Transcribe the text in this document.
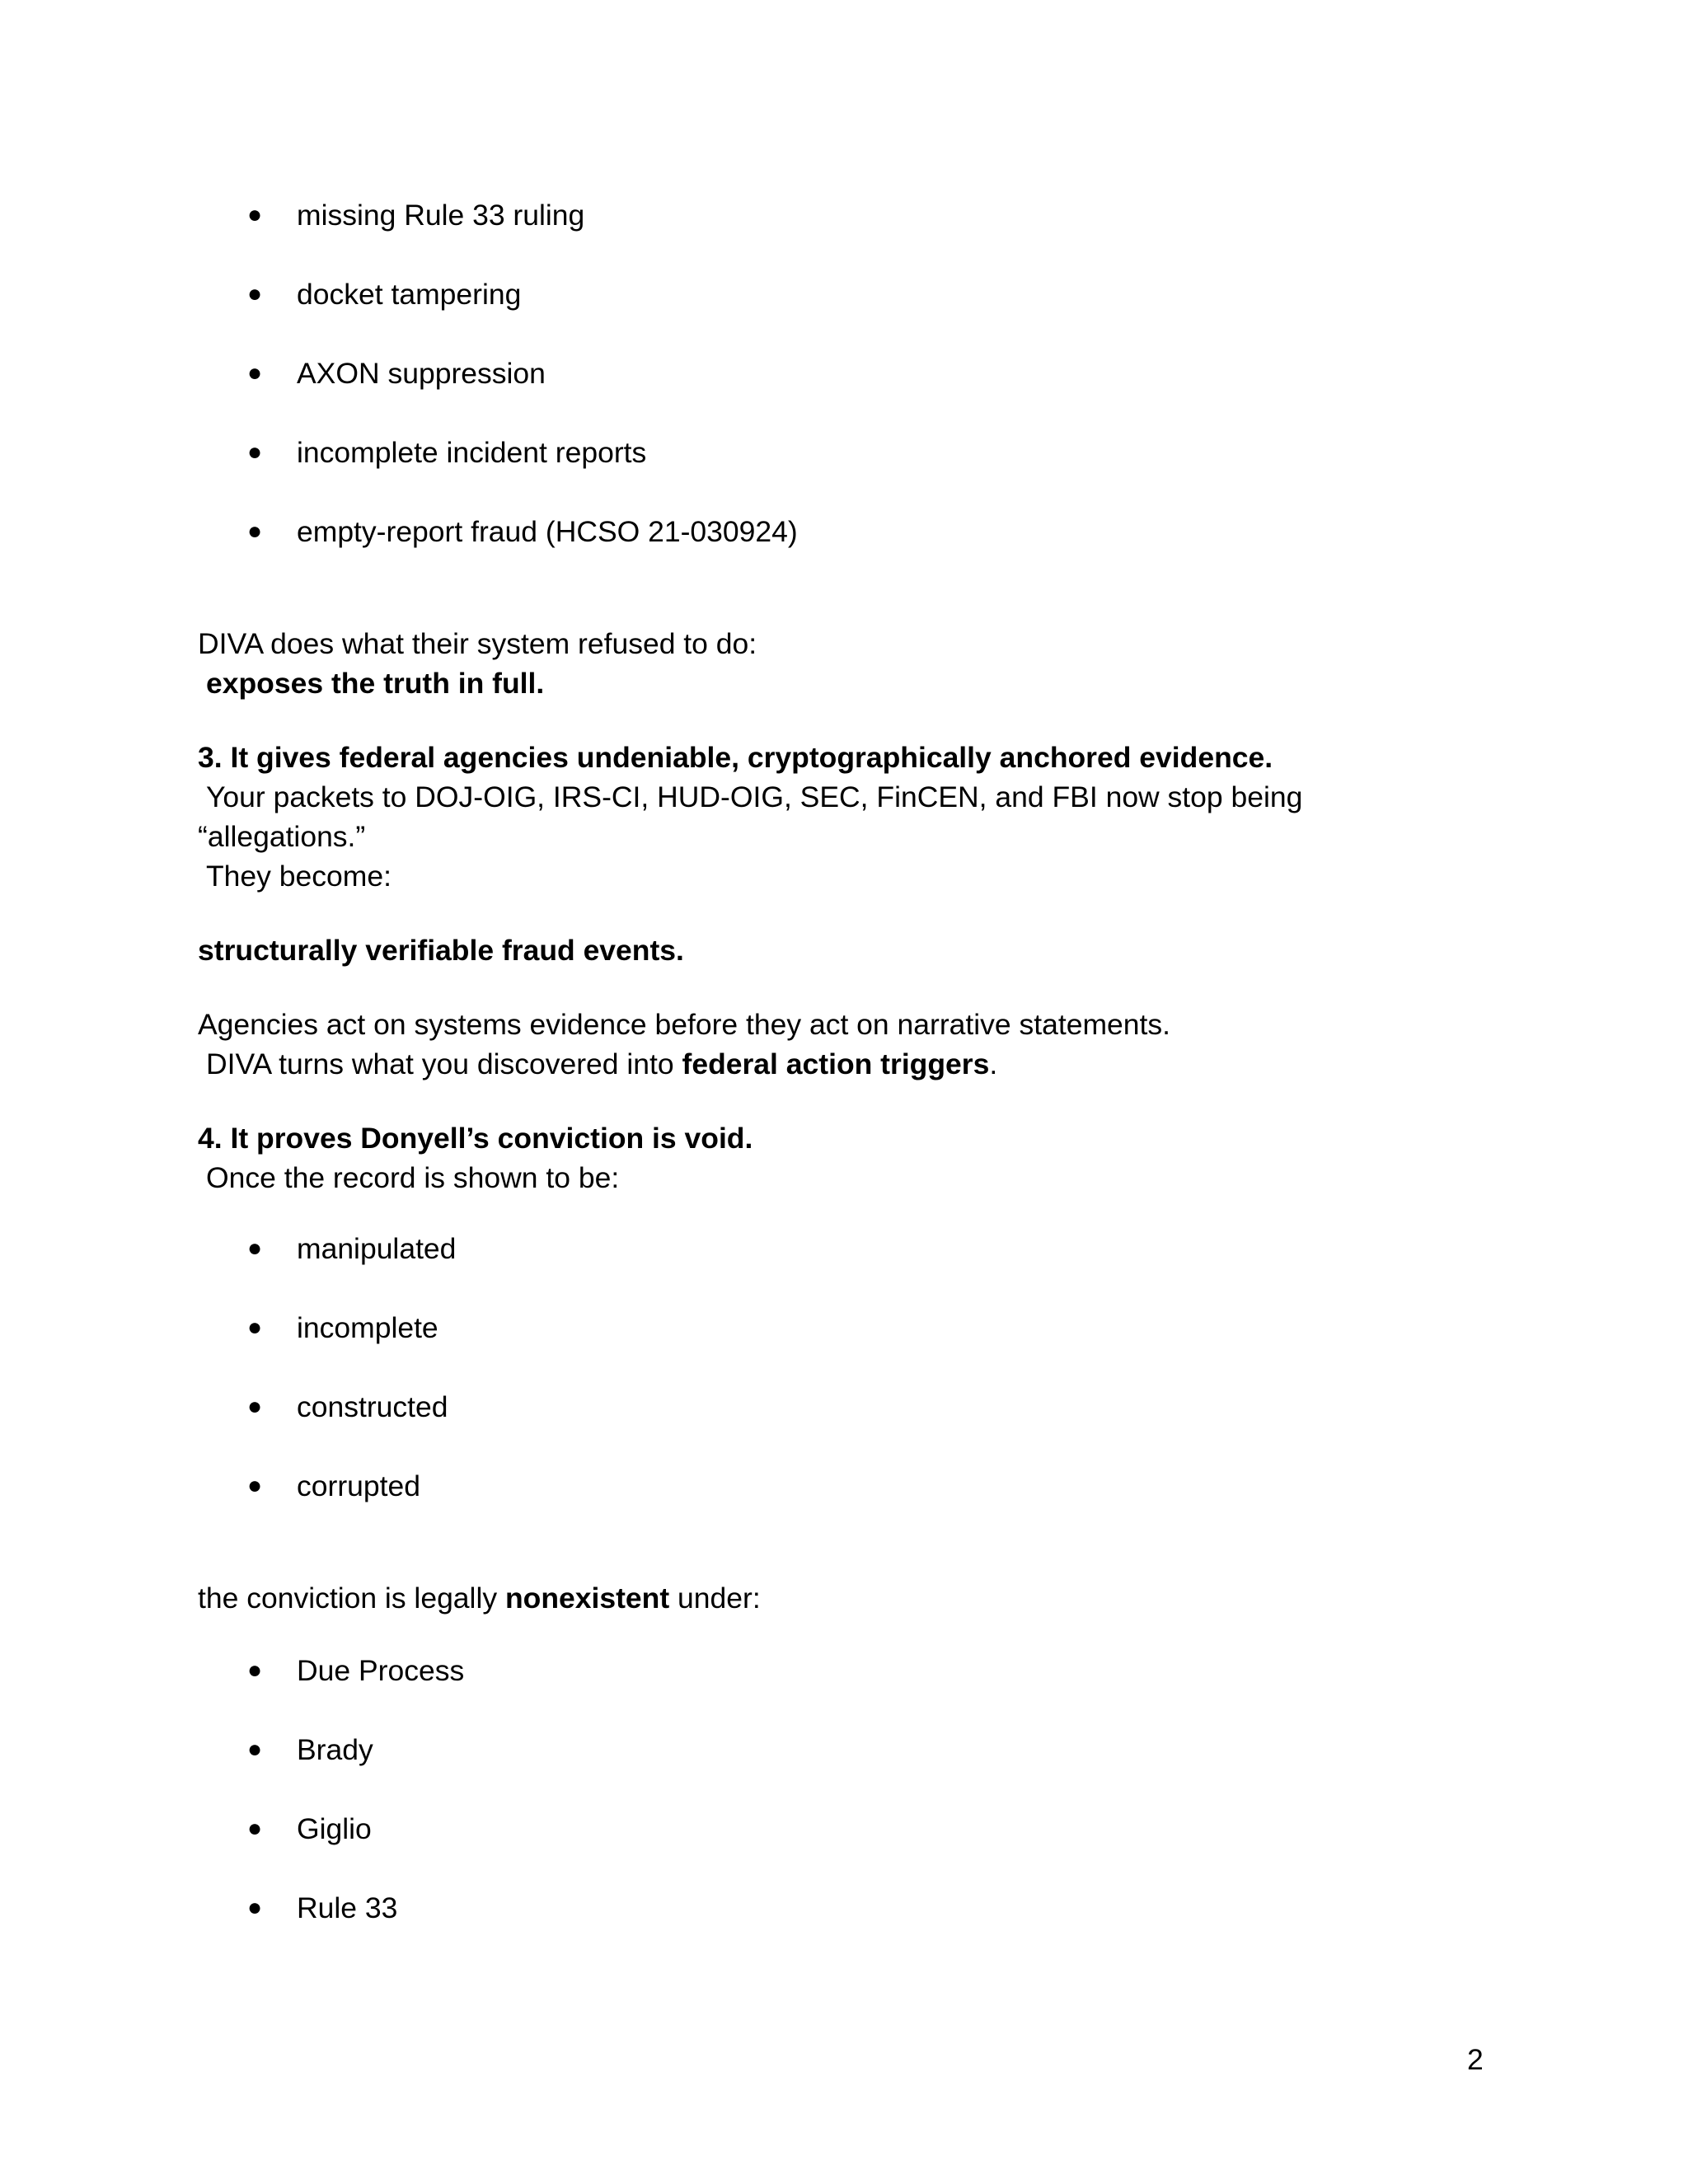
● missing Rule 33 ruling
● docket tampering
● AXON suppression
● incomplete incident reports
● empty-report fraud (HCSO 21-030924)
DIVA does what their system refused to do:
exposes the truth in full.
3. It gives federal agencies undeniable, cryptographically anchored evidence.
Your packets to DOJ-OIG, IRS-CI, HUD-OIG, SEC, FinCEN, and FBI now stop being
“allegations.”
They become:
structurally verifiable fraud events.
Agencies act on systems evidence before they act on narrative statements.
DIVA turns what you discovered into federal action triggers.
4. It proves Donyell’s conviction is void.
Once the record is shown to be:
● manipulated
● incomplete
● constructed
● corrupted
the conviction is legally nonexistent under:
● Due Process
● Brady
● Giglio
● Rule 33
2
